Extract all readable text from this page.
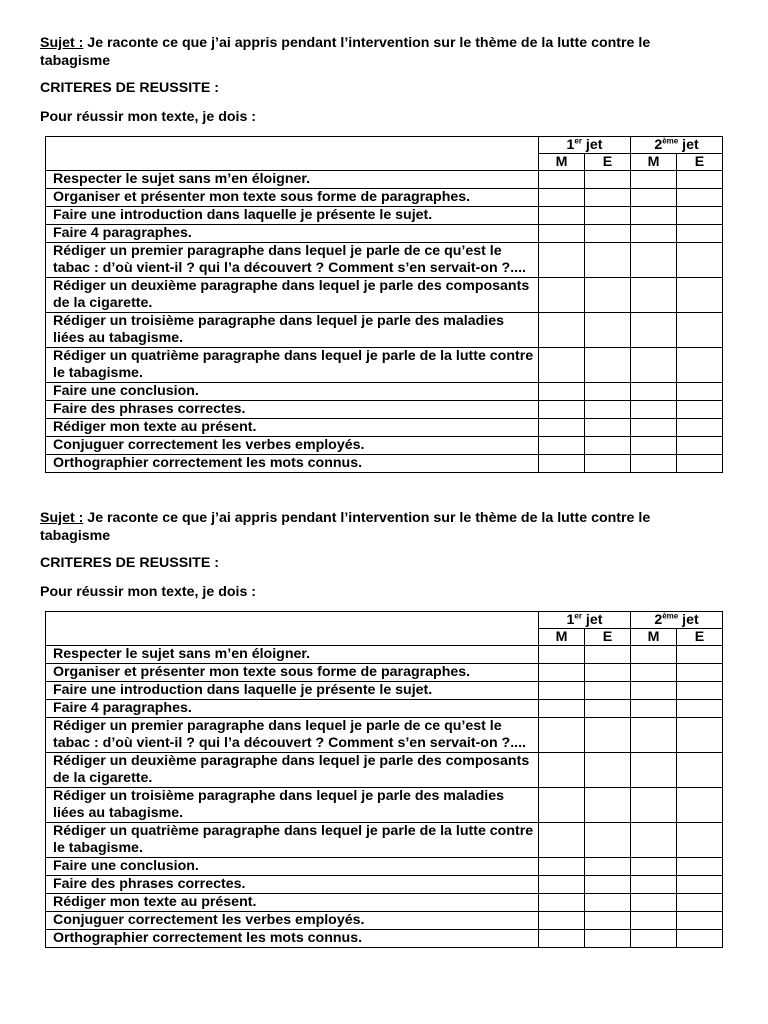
Sujet : Je raconte ce que j’ai appris pendant l’intervention sur le thème de la lutte contre le tabagisme

CRITERES DE REUSSITE :

Pour réussir mon texte, je dois :

	1er jet		2ème jet	
	M	E	M	E
Respecter le sujet sans m’en éloigner.				
Organiser et présenter mon texte sous forme de paragraphes.				
Faire une introduction dans laquelle je présente le sujet.				
Faire 4 paragraphes.				
Rédiger un premier paragraphe dans lequel je parle de ce qu’est le tabac : d’où vient-il ? qui l’a découvert ? Comment s’en servait-on ?....				
Rédiger un deuxième paragraphe dans lequel je parle des composants de la cigarette.				
Rédiger un troisième paragraphe dans lequel je parle des maladies liées au tabagisme.				
Rédiger un quatrième paragraphe dans lequel je parle de la lutte contre le tabagisme.				
Faire une conclusion.				
Faire des phrases correctes.				
Rédiger mon texte au présent.				
Conjuguer correctement les verbes employés.				
Orthographier correctement les mots connus.				

Sujet : Je raconte ce que j’ai appris pendant l’intervention sur le thème de la lutte contre le tabagisme

CRITERES DE REUSSITE :

Pour réussir mon texte, je dois :

	1er jet		2ème jet	
	M	E	M	E
Respecter le sujet sans m’en éloigner.				
Organiser et présenter mon texte sous forme de paragraphes.				
Faire une introduction dans laquelle je présente le sujet.				
Faire 4 paragraphes.				
Rédiger un premier paragraphe dans lequel je parle de ce qu’est le tabac : d’où vient-il ? qui l’a découvert ? Comment s’en servait-on ?....				
Rédiger un deuxième paragraphe dans lequel je parle des composants de la cigarette.				
Rédiger un troisième paragraphe dans lequel je parle des maladies liées au tabagisme.				
Rédiger un quatrième paragraphe dans lequel je parle de la lutte contre le tabagisme.				
Faire une conclusion.				
Faire des phrases correctes.				
Rédiger mon texte au présent.				
Conjuguer correctement les verbes employés.				
Orthographier correctement les mots connus.				
